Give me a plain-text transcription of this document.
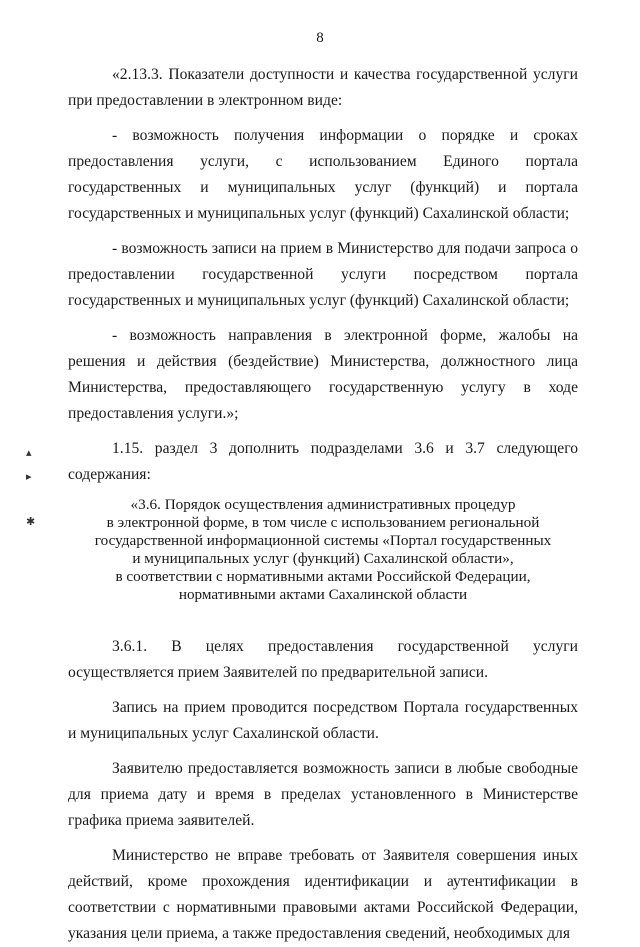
8
▴
▸
✱

«2.13.3. Показатели доступности и качества государственной услуги при предоставлении в электронном виде:

- возможность получения информации о порядке и сроках предоставления услуги, с использованием Единого портала государственных и муниципальных услуг (функций) и портала государственных и муниципальных услуг (функций) Сахалинской области;

- возможность записи на прием в Министерство для подачи запроса о предоставлении государственной услуги посредством портала государственных и муниципальных услуг (функций) Сахалинской области;

- возможность направления в электронной форме, жалобы на решения и действия (бездействие) Министерства, должностного лица Министерства, предоставляющего государственную услугу в ходе предоставления услуги.»;

1.15. раздел 3 дополнить подразделами 3.6 и 3.7 следующего содержания:

«3.6. Порядок осуществления административных процедур
в электронной форме, в том числе с использованием региональной
государственной информационной системы «Портал государственных
и муниципальных услуг (функций) Сахалинской области»,
в соответствии с нормативными актами Российской Федерации,
нормативными актами Сахалинской области

3.6.1. В целях предоставления государственной услуги осуществляется прием Заявителей по предварительной записи.

Запись на прием проводится посредством Портала государственных и муниципальных услуг Сахалинской области.

Заявителю предоставляется возможность записи в любые свободные для приема дату и время в пределах установленного в Министерстве графика приема заявителей.

Министерство не вправе требовать от Заявителя совершения иных действий, кроме прохождения идентификации и аутентификации в соответствии с нормативными правовыми актами Российской Федерации, указания цели приема, а также предоставления сведений, необходимых для
